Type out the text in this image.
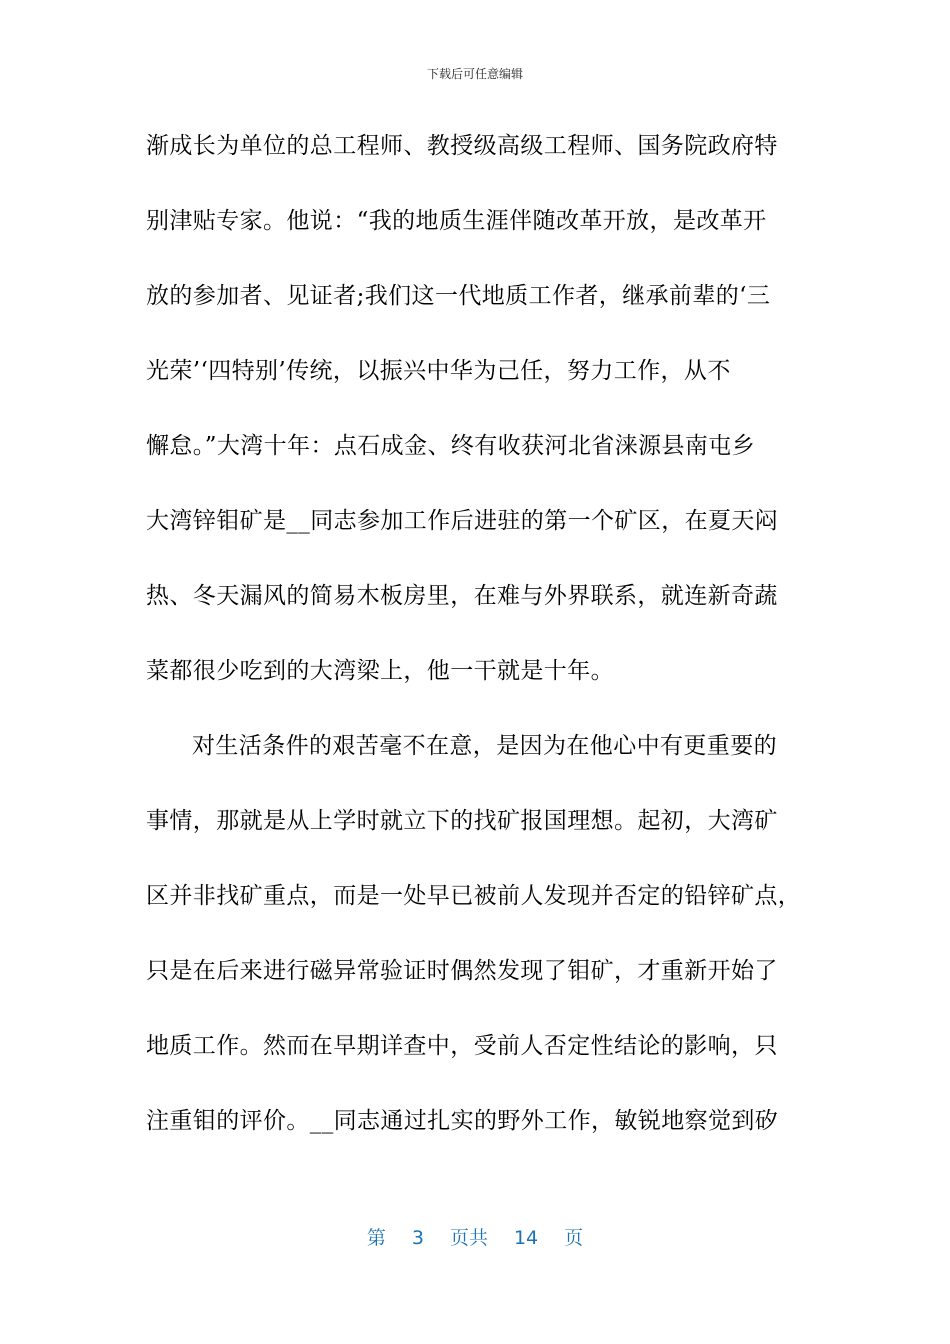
下载后可任意编辑
渐成长为单位的总工程师、教授级高级工程师、国务院政府特
别津贴专家。他说：“我的地质生涯伴随改革开放，是改革开
放的参加者、见证者;我们这一代地质工作者，继承前辈的‘三
光荣’‘四特别’传统，以振兴中华为己任，努力工作，从不
懈怠。”大湾十年：点石成金、终有收获河北省涞源县南屯乡
大湾锌钼矿是__同志参加工作后进驻的第一个矿区，在夏天闷
热、冬天漏风的简易木板房里，在难与外界联系，就连新奇蔬
菜都很少吃到的大湾梁上，他一干就是十年。
对生活条件的艰苦毫不在意，是因为在他心中有更重要的
事情，那就是从上学时就立下的找矿报国理想。起初，大湾矿
区并非找矿重点，而是一处早已被前人发现并否定的铅锌矿点，
只是在后来进行磁异常验证时偶然发现了钼矿，才重新开始了
地质工作。然而在早期详查中，受前人否定性结论的影响，只
注重钼的评价。__同志通过扎实的野外工作，敏锐地察觉到矽
第 3 页共 14 页
